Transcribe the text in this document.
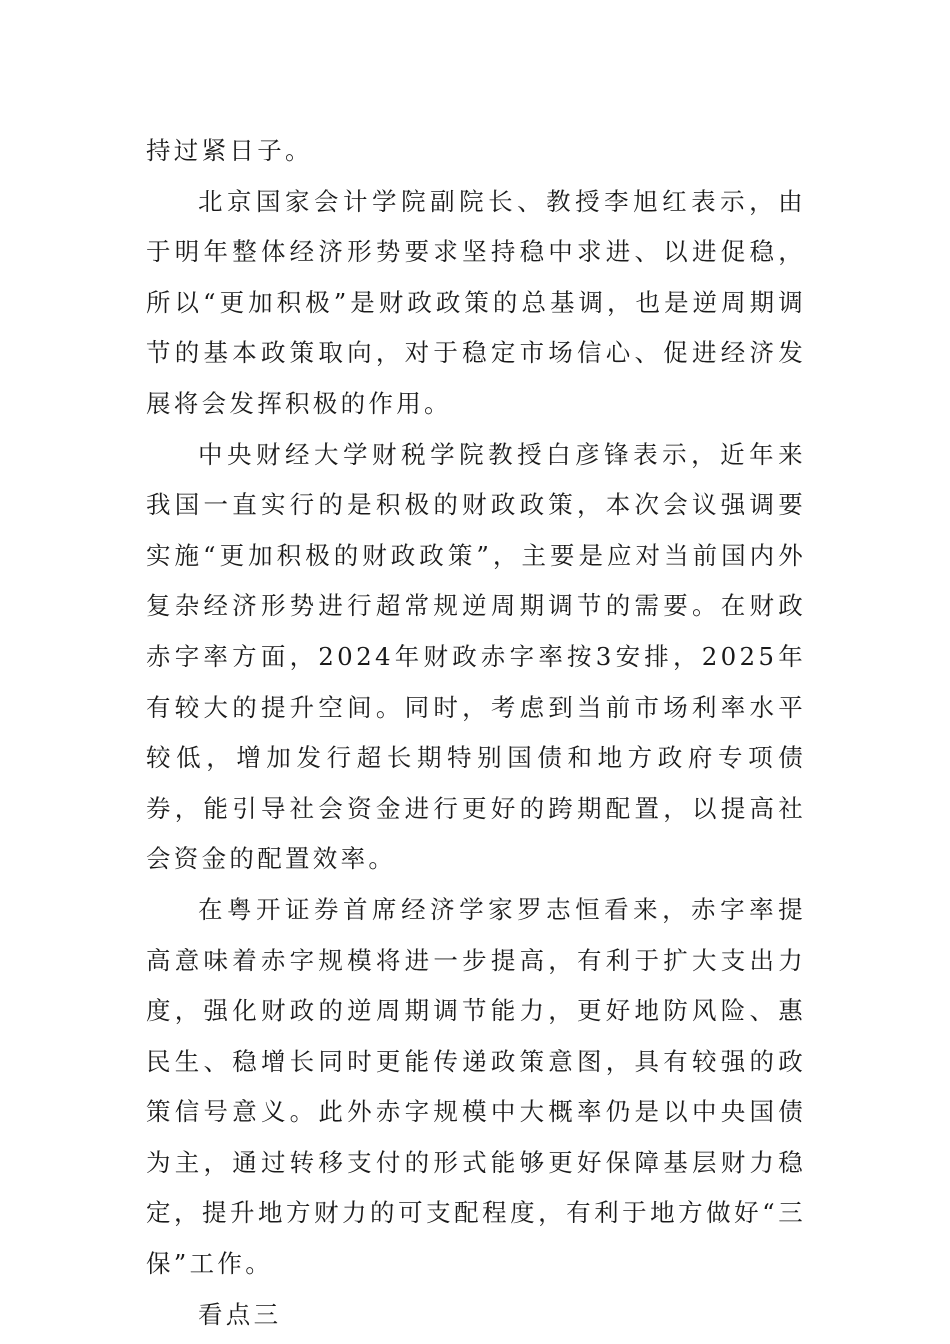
持过紧日子。

北京国家会计学院副院长、教授李旭红表示，由于明年整体经济形势要求坚持稳中求进、以进促稳，所以“更加积极”是财政政策的总基调，也是逆周期调节的基本政策取向，对于稳定市场信心、促进经济发展将会发挥积极的作用。

中央财经大学财税学院教授白彦锋表示，近年来我国一直实行的是积极的财政政策，本次会议强调要实施“更加积极的财政政策”，主要是应对当前国内外复杂经济形势进行超常规逆周期调节的需要。在财政赤字率方面，2024年财政赤字率按3安排，2025年有较大的提升空间。同时，考虑到当前市场利率水平较低，增加发行超长期特别国债和地方政府专项债券，能引导社会资金进行更好的跨期配置，以提高社会资金的配置效率。

在粤开证券首席经济学家罗志恒看来，赤字率提高意味着赤字规模将进一步提高，有利于扩大支出力度，强化财政的逆周期调节能力，更好地防风险、惠民生、稳增长同时更能传递政策意图，具有较强的政策信号意义。此外赤字规模中大概率仍是以中央国债为主，通过转移支付的形式能够更好保障基层财力稳定，提升地方财力的可支配程度，有利于地方做好“三保”工作。

看点三
